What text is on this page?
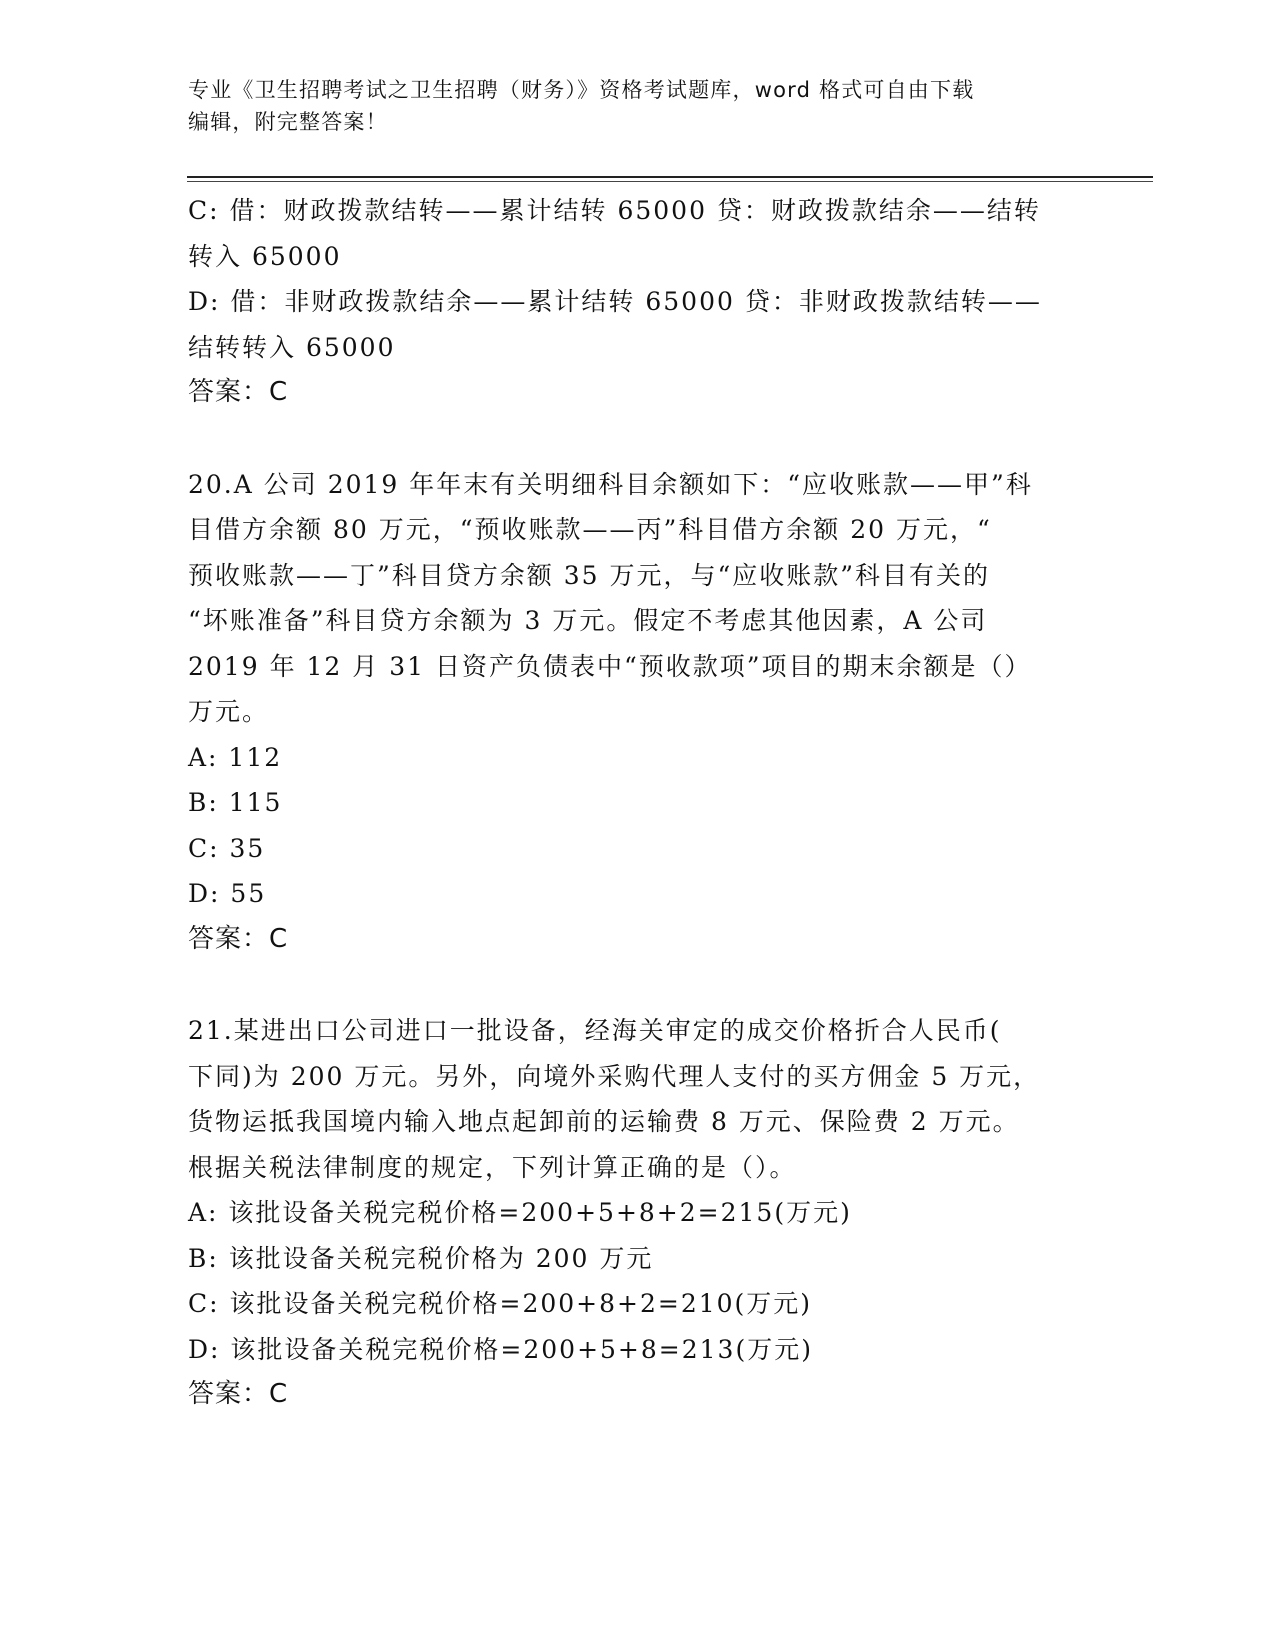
专业《卫生招聘考试之卫生招聘（财务）》资格考试题库，word 格式可自由下载
编辑，附完整答案！

C: 借：财政拨款结转——累计结转 65000 贷：财政拨款结余——结转

转入 65000

D: 借：非财政拨款结余——累计结转 65000 贷：非财政拨款结转——

结转转入 65000

答案：C

20.A 公司 2019 年年末有关明细科目余额如下：“应收账款——甲”科

目借方余额 80 万元，“预收账款——丙”科目借方余额 20 万元，“

预收账款——丁”科目贷方余额 35 万元，与“应收账款”科目有关的

“坏账准备”科目贷方余额为 3 万元。假定不考虑其他因素，A 公司

2019 年 12 月 31 日资产负债表中“预收款项”项目的期末余额是（）

万元。

A: 112

B: 115

C: 35

D: 55

答案：C

21.某进出口公司进口一批设备，经海关审定的成交价格折合人民币(

下同)为 200 万元。另外，向境外采购代理人支付的买方佣金 5 万元，

货物运抵我国境内输入地点起卸前的运输费 8 万元、保险费 2 万元。

根据关税法律制度的规定，下列计算正确的是（）。

A: 该批设备关税完税价格=200+5+8+2=215(万元)

B: 该批设备关税完税价格为 200 万元

C: 该批设备关税完税价格=200+8+2=210(万元)

D: 该批设备关税完税价格=200+5+8=213(万元)

答案：C
